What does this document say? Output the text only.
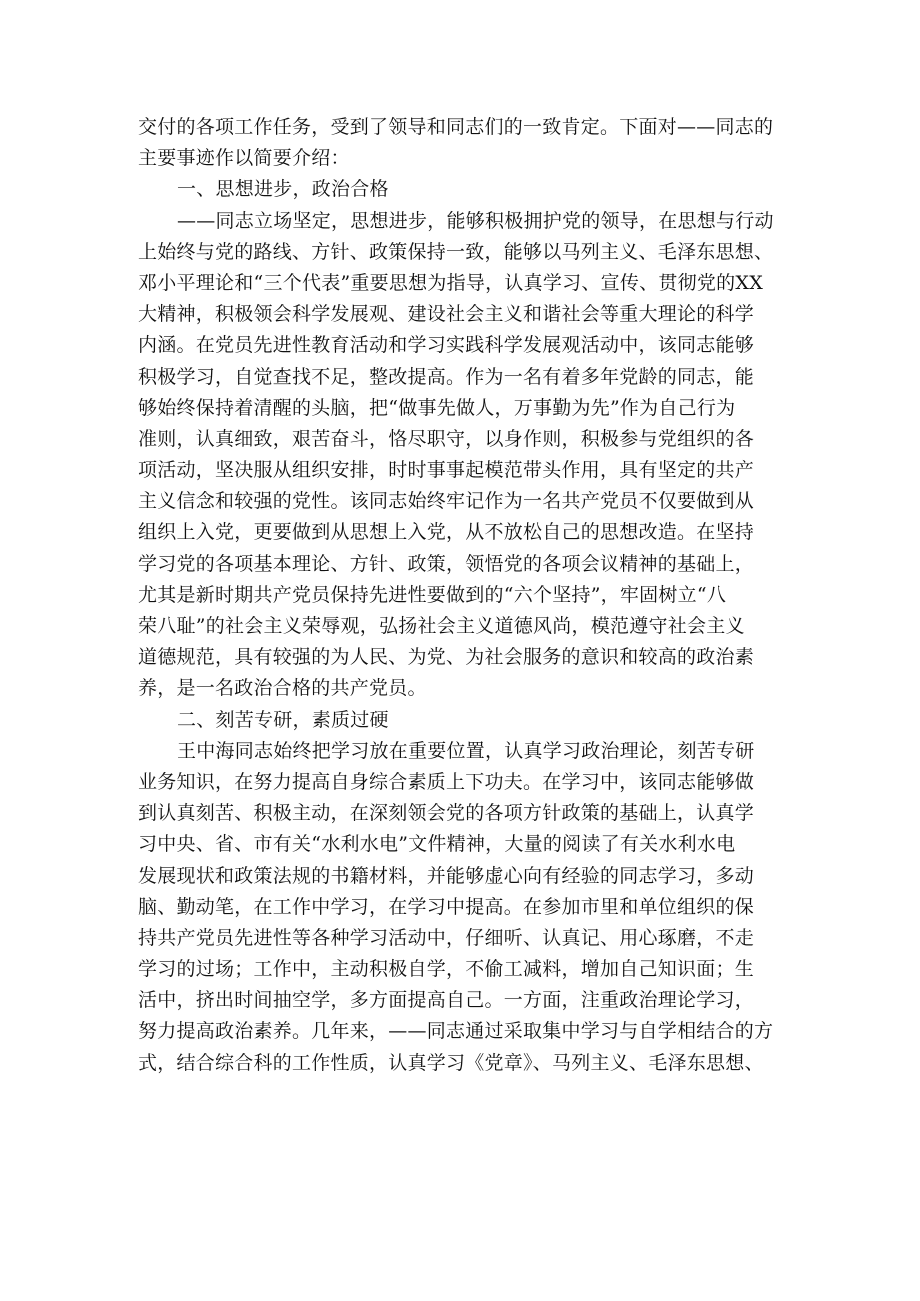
交付的各项工作任务，受到了领导和同志们的一致肯定。下面对——同志的
主要事迹作以简要介绍：
一、思想进步，政治合格
——同志立场坚定，思想进步，能够积极拥护党的领导，在思想与行动
上始终与党的路线、方针、政策保持一致，能够以马列主义、毛泽东思想、
邓小平理论和“三个代表”重要思想为指导，认真学习、宣传、贯彻党的XX
大精神，积极领会科学发展观、建设社会主义和谐社会等重大理论的科学
内涵。在党员先进性教育活动和学习实践科学发展观活动中，该同志能够
积极学习，自觉查找不足，整改提高。作为一名有着多年党龄的同志，能
够始终保持着清醒的头脑，把“做事先做人，万事勤为先”作为自己行为
准则，认真细致，艰苦奋斗，恪尽职守，以身作则，积极参与党组织的各
项活动，坚决服从组织安排，时时事事起模范带头作用，具有坚定的共产
主义信念和较强的党性。该同志始终牢记作为一名共产党员不仅要做到从
组织上入党，更要做到从思想上入党，从不放松自己的思想改造。在坚持
学习党的各项基本理论、方针、政策，领悟党的各项会议精神的基础上，
尤其是新时期共产党员保持先进性要做到的“六个坚持”，牢固树立“八
荣八耻”的社会主义荣辱观，弘扬社会主义道德风尚，模范遵守社会主义
道德规范，具有较强的为人民、为党、为社会服务的意识和较高的政治素
养，是一名政治合格的共产党员。
二、刻苦专研，素质过硬
王中海同志始终把学习放在重要位置，认真学习政治理论，刻苦专研
业务知识，在努力提高自身综合素质上下功夫。在学习中，该同志能够做
到认真刻苦、积极主动，在深刻领会党的各项方针政策的基础上，认真学
习中央、省、市有关“水利水电”文件精神，大量的阅读了有关水利水电
发展现状和政策法规的书籍材料，并能够虚心向有经验的同志学习，多动
脑、勤动笔，在工作中学习，在学习中提高。在参加市里和单位组织的保
持共产党员先进性等各种学习活动中，仔细听、认真记、用心琢磨，不走
学习的过场；工作中，主动积极自学，不偷工减料，增加自己知识面；生
活中，挤出时间抽空学，多方面提高自己。一方面，注重政治理论学习，
努力提高政治素养。几年来，——同志通过采取集中学习与自学相结合的方
式，结合综合科的工作性质，认真学习《党章》、马列主义、毛泽东思想、
